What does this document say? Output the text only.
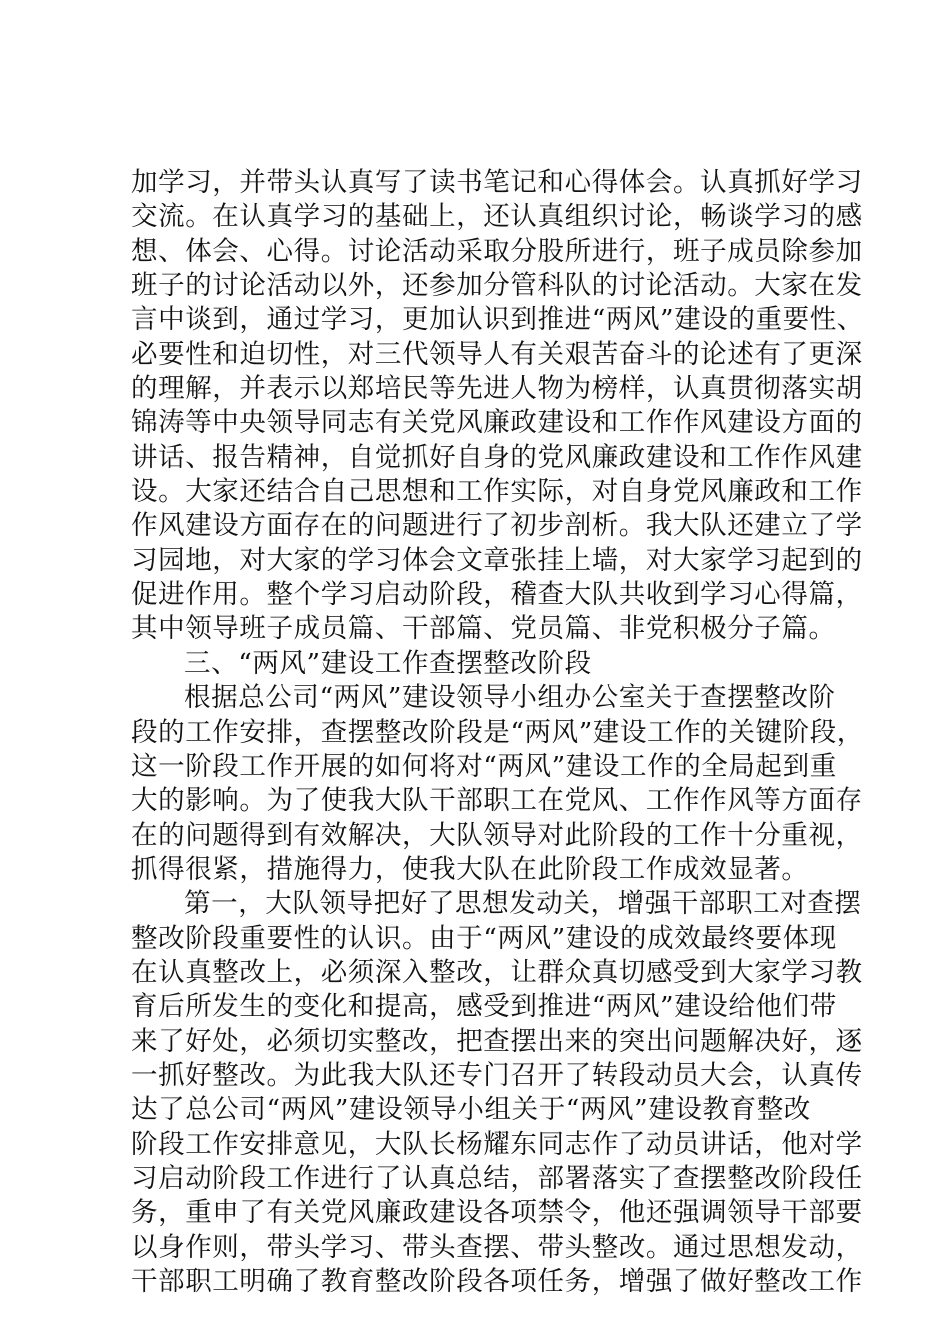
加学习，并带头认真写了读书笔记和心得体会。认真抓好学习
交流。在认真学习的基础上，还认真组织讨论，畅谈学习的感
想、体会、心得。讨论活动采取分股所进行，班子成员除参加
班子的讨论活动以外，还参加分管科队的讨论活动。大家在发
言中谈到，通过学习，更加认识到推进“两风”建设的重要性、
必要性和迫切性，对三代领导人有关艰苦奋斗的论述有了更深
的理解，并表示以郑培民等先进人物为榜样，认真贯彻落实胡
锦涛等中央领导同志有关党风廉政建设和工作作风建设方面的
讲话、报告精神，自觉抓好自身的党风廉政建设和工作作风建
设。大家还结合自己思想和工作实际，对自身党风廉政和工作
作风建设方面存在的问题进行了初步剖析。我大队还建立了学
习园地，对大家的学习体会文章张挂上墙，对大家学习起到的
促进作用。整个学习启动阶段，稽查大队共收到学习心得篇，
其中领导班子成员篇、干部篇、党员篇、非党积极分子篇。
三、“两风”建设工作查摆整改阶段
根据总公司“两风”建设领导小组办公室关于查摆整改阶
段的工作安排，查摆整改阶段是“两风”建设工作的关键阶段，
这一阶段工作开展的如何将对“两风”建设工作的全局起到重
大的影响。为了使我大队干部职工在党风、工作作风等方面存
在的问题得到有效解决，大队领导对此阶段的工作十分重视，
抓得很紧，措施得力，使我大队在此阶段工作成效显著。
第一，大队领导把好了思想发动关，增强干部职工对查摆
整改阶段重要性的认识。由于“两风”建设的成效最终要体现
在认真整改上，必须深入整改，让群众真切感受到大家学习教
育后所发生的变化和提高，感受到推进“两风”建设给他们带
来了好处，必须切实整改，把查摆出来的突出问题解决好，逐
一抓好整改。为此我大队还专门召开了转段动员大会，认真传
达了总公司“两风”建设领导小组关于“两风”建设教育整改
阶段工作安排意见，大队长杨耀东同志作了动员讲话，他对学
习启动阶段工作进行了认真总结，部署落实了查摆整改阶段任
务，重申了有关党风廉政建设各项禁令，他还强调领导干部要
以身作则，带头学习、带头查摆、带头整改。通过思想发动，
干部职工明确了教育整改阶段各项任务，增强了做好整改工作
